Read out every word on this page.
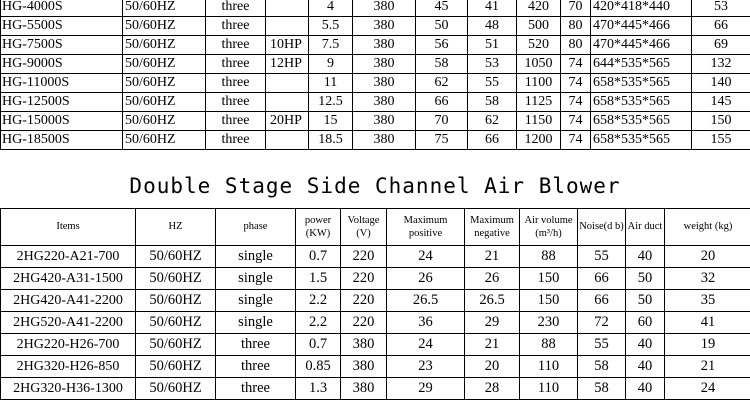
HG-4000S	50/60HZ	three		4	380	45	41	420	70	420*418*440	53
HG-5500S	50/60HZ	three		5.5	380	50	48	500	80	470*445*466	66
HG-7500S	50/60HZ	three	10HP	7.5	380	56	51	520	80	470*445*466	69
HG-9000S	50/60HZ	three	12HP	9	380	58	53	1050	74	644*535*565	132
HG-11000S	50/60HZ	three		11	380	62	55	1100	74	658*535*565	140
HG-12500S	50/60HZ	three		12.5	380	66	58	1125	74	658*535*565	145
HG-15000S	50/60HZ	three	20HP	15	380	70	62	1150	74	658*535*565	150
HG-18500S	50/60HZ	three		18.5	380	75	66	1200	74	658*535*565	155
Double Stage Side Channel Air Blower
Items	HZ	phase	power (KW)	Voltage (V)	Maximum positive	Maximum negative	Air volume (m³/h)	Noise(d b)	Air duct	weight (kg)
2HG220-A21-700	50/60HZ	single	0.7	220	24	21	88	55	40	20
2HG420-A31-1500	50/60HZ	single	1.5	220	26	26	150	66	50	32
2HG420-A41-2200	50/60HZ	single	2.2	220	26.5	26.5	150	66	50	35
2HG520-A41-2200	50/60HZ	single	2.2	220	36	29	230	72	60	41
2HG220-H26-700	50/60HZ	three	0.7	380	24	21	88	55	40	19
2HG320-H26-850	50/60HZ	three	0.85	380	23	20	110	58	40	21
2HG320-H36-1300	50/60HZ	three	1.3	380	29	28	110	58	40	24
